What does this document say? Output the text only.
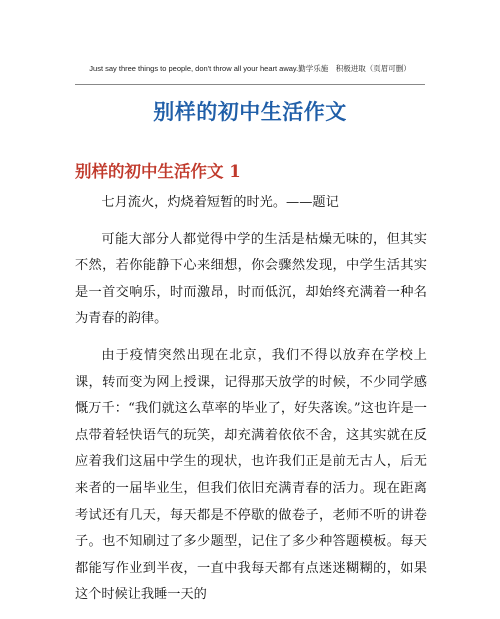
Just say three things to people, don't throw all your heart away.勤学乐施　积极进取（页眉可删）
别样的初中生活作文
别样的初中生活作文 1

七月流火，灼烧着短暂的时光。——题记

可能大部分人都觉得中学的生活是枯燥无味的，但其实不然，若你能静下心来细想，你会骤然发现，中学生活其实是一首交响乐，时而激昂，时而低沉，却始终充满着一种名为青春的韵律。

由于疫情突然出现在北京，我们不得以放弃在学校上课，转而变为网上授课，记得那天放学的时候，不少同学感慨万千：“我们就这么草率的毕业了，好失落诶。”这也许是一点带着轻快语气的玩笑，却充满着依依不舍，这其实就在反应着我们这届中学生的现状，也许我们正是前无古人，后无来者的一届毕业生，但我们依旧充满青春的活力。现在距离考试还有几天，每天都是不停歇的做卷子，老师不听的讲卷子。也不知刷过了多少题型，记住了多少种答题模板。每天都能写作业到半夜，一直中我每天都有点迷迷糊糊的，如果这个时候让我睡一天的
